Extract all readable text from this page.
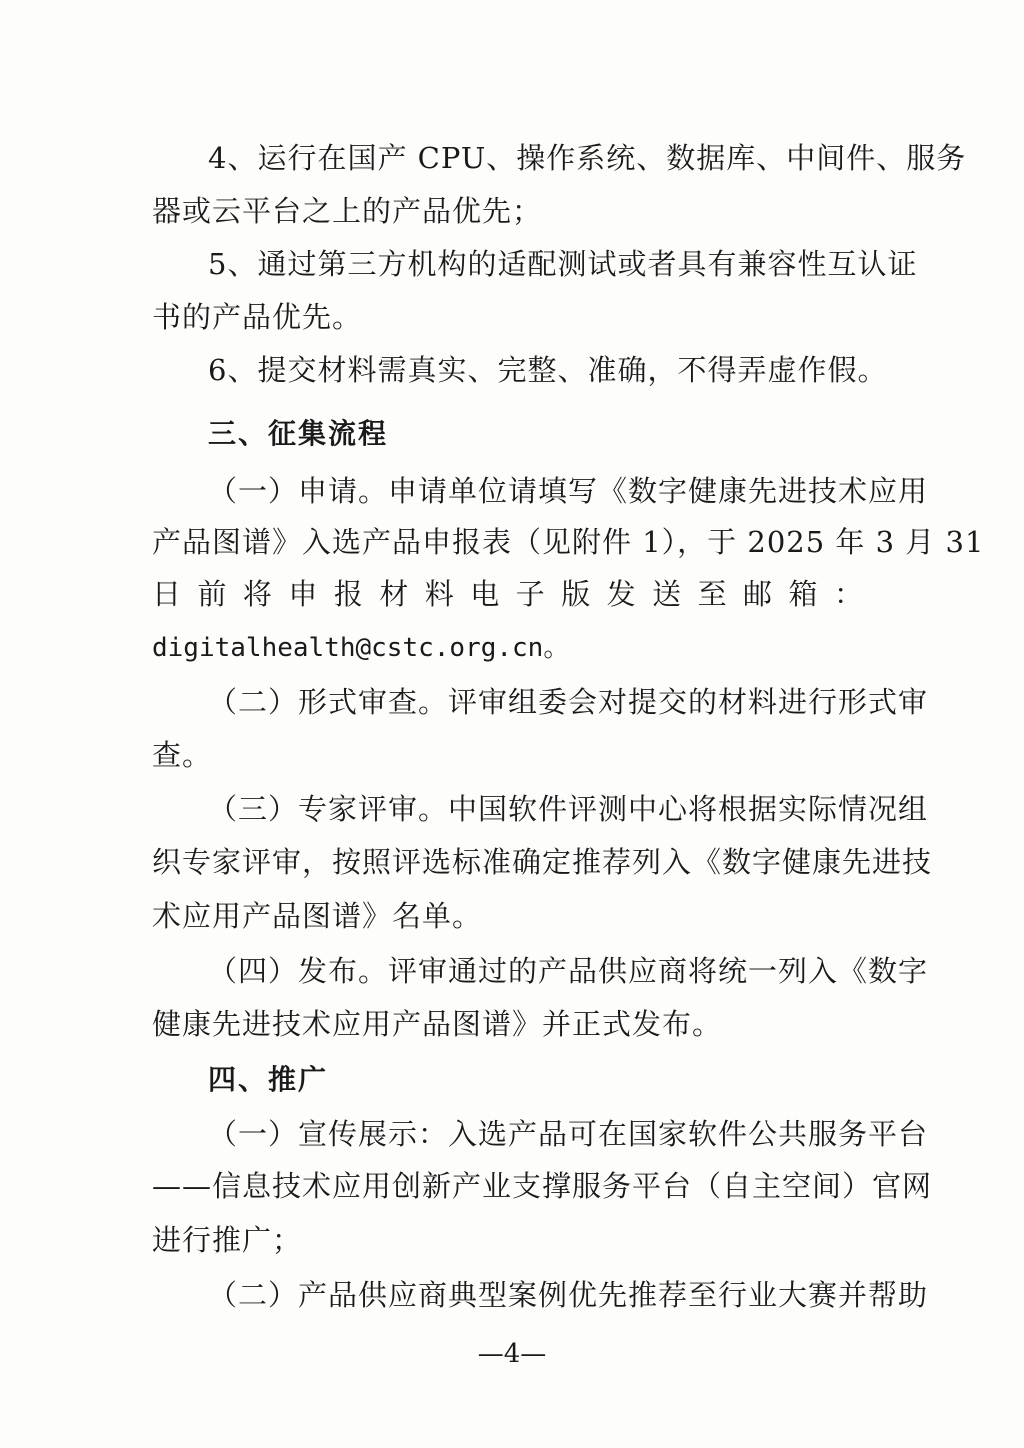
4、运行在国产 CPU、操作系统、数据库、中间件、服务
器或云平台之上的产品优先；
5、通过第三方机构的适配测试或者具有兼容性互认证
书的产品优先。
6、提交材料需真实、完整、准确，不得弄虚作假。
三、征集流程
（一）申请。申请单位请填写《数字健康先进技术应用
产品图谱》入选产品申报表（见附件 1），于 2025 年 3 月 31
日前将申报材料电子版发送至邮箱：
digitalhealth@cstc.org.cn。
（二）形式审查。评审组委会对提交的材料进行形式审
查。
（三）专家评审。中国软件评测中心将根据实际情况组
织专家评审，按照评选标准确定推荐列入《数字健康先进技
术应用产品图谱》名单。
（四）发布。评审通过的产品供应商将统一列入《数字
健康先进技术应用产品图谱》并正式发布。
四、推广
（一）宣传展示：入选产品可在国家软件公共服务平台
——信息技术应用创新产业支撑服务平台（自主空间）官网
进行推广；
（二）产品供应商典型案例优先推荐至行业大赛并帮助
—4—
